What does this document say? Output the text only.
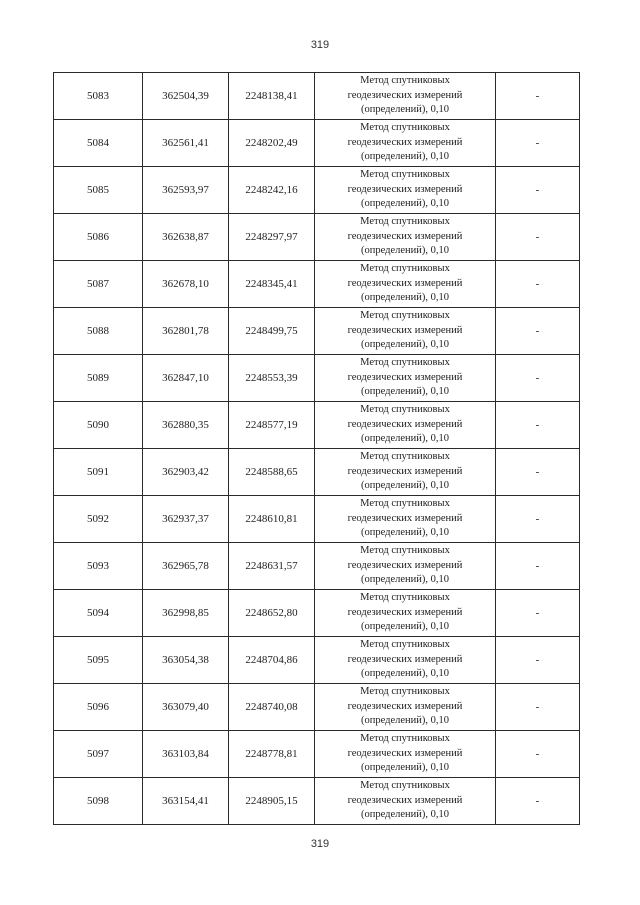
319
5083	362504,39	2248138,41	Метод спутниковых
геодезических измерений
(определений), 0,10	-
5084	362561,41	2248202,49	Метод спутниковых
геодезических измерений
(определений), 0,10	-
5085	362593,97	2248242,16	Метод спутниковых
геодезических измерений
(определений), 0,10	-
5086	362638,87	2248297,97	Метод спутниковых
геодезических измерений
(определений), 0,10	-
5087	362678,10	2248345,41	Метод спутниковых
геодезических измерений
(определений), 0,10	-
5088	362801,78	2248499,75	Метод спутниковых
геодезических измерений
(определений), 0,10	-
5089	362847,10	2248553,39	Метод спутниковых
геодезических измерений
(определений), 0,10	-
5090	362880,35	2248577,19	Метод спутниковых
геодезических измерений
(определений), 0,10	-
5091	362903,42	2248588,65	Метод спутниковых
геодезических измерений
(определений), 0,10	-
5092	362937,37	2248610,81	Метод спутниковых
геодезических измерений
(определений), 0,10	-
5093	362965,78	2248631,57	Метод спутниковых
геодезических измерений
(определений), 0,10	-
5094	362998,85	2248652,80	Метод спутниковых
геодезических измерений
(определений), 0,10	-
5095	363054,38	2248704,86	Метод спутниковых
геодезических измерений
(определений), 0,10	-
5096	363079,40	2248740,08	Метод спутниковых
геодезических измерений
(определений), 0,10	-
5097	363103,84	2248778,81	Метод спутниковых
геодезических измерений
(определений), 0,10	-
5098	363154,41	2248905,15	Метод спутниковых
геодезических измерений
(определений), 0,10	-
319
